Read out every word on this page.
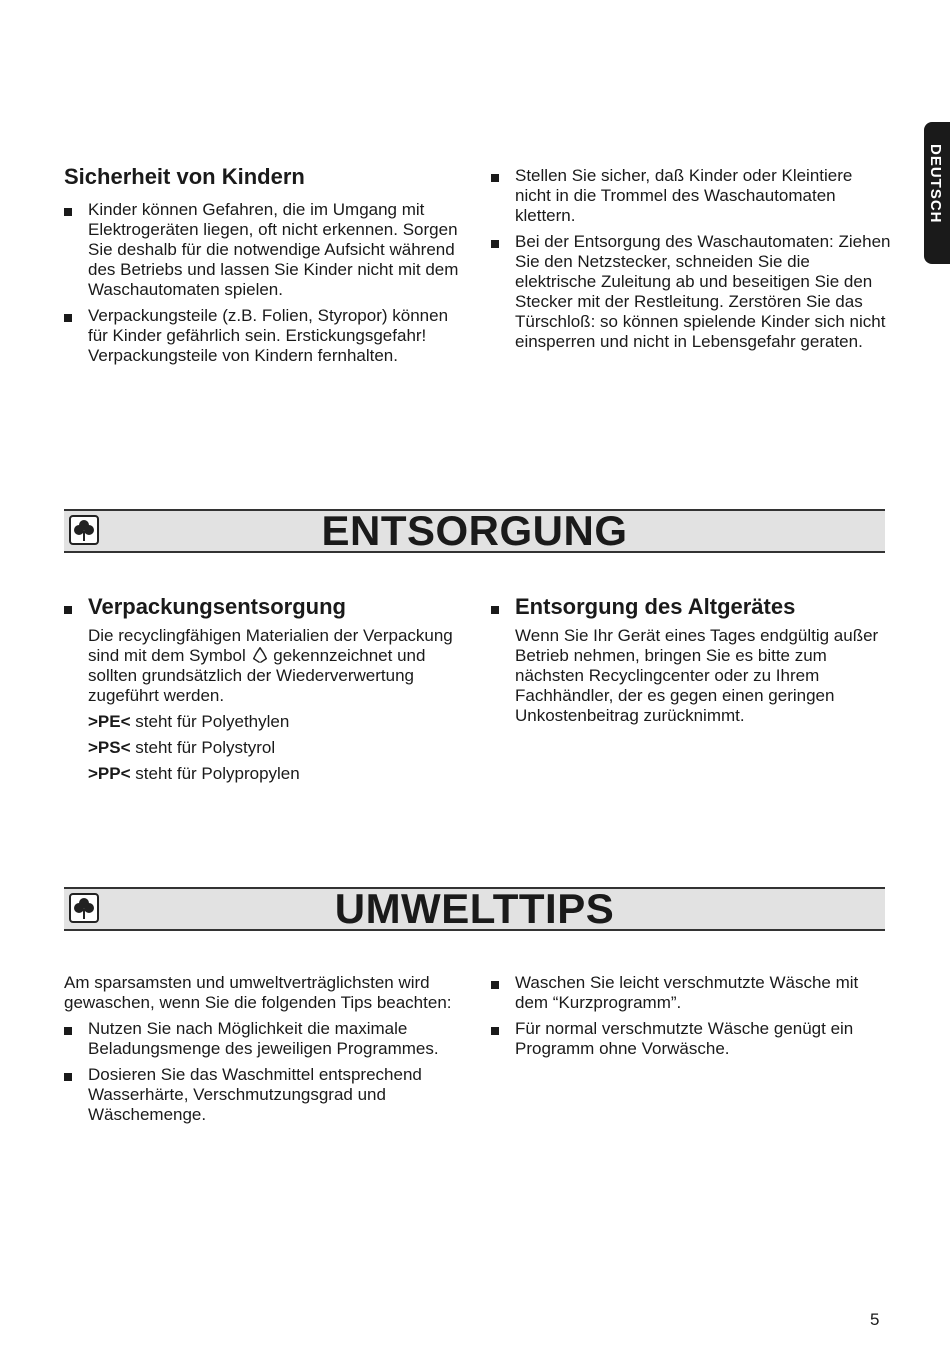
DEUTSCH
Sicherheit von Kindern

Kinder können Gefahren, die im Umgang mit Elektrogeräten liegen, oft nicht erkennen. Sorgen Sie deshalb für die notwendige Aufsicht während des Betriebs und lassen Sie Kinder nicht mit dem Waschautomaten spielen.

Verpackungsteile (z.B. Folien, Styropor) können für Kinder gefährlich sein. Erstickungsgefahr! Verpackungsteile von Kindern fernhalten.

Stellen Sie sicher, daß Kinder oder Kleintiere nicht in die Trommel des Waschautomaten klettern.

Bei der Entsorgung des Waschautomaten: Ziehen Sie den Netzstecker, schneiden Sie die elektrische Zuleitung ab und beseitigen Sie den Stecker mit der Restleitung. Zerstören Sie das Türschloß: so können spielende Kinder sich nicht einsperren und nicht in Lebensgefahr geraten.

ENTSORGUNG
Verpackungsentsorgung

Die recyclingfähigen Materialien der Verpackung sind mit dem Symbol gekennzeichnet und sollten grundsätzlich der Wiederverwertung zugeführt werden.

>PE< steht für Polyethylen

>PS< steht für Polystyrol

>PP< steht für Polypropylen

Entsorgung des Altgerätes

Wenn Sie Ihr Gerät eines Tages endgültig außer Betrieb nehmen, bringen Sie es bitte zum nächsten Recyclingcenter oder zu Ihrem Fachhändler, der es gegen einen geringen Unkostenbeitrag zurücknimmt.

UMWELTTIPS

Am sparsamsten und umweltverträglichsten wird gewaschen, wenn Sie die folgenden Tips beachten:

Nutzen Sie nach Möglichkeit die maximale Beladungsmenge des jeweiligen Programmes.

Dosieren Sie das Waschmittel entsprechend Wasserhärte, Verschmutzungsgrad und Wäschemenge.

Waschen Sie leicht verschmutzte Wäsche mit dem “Kurzprogramm”.

Für normal verschmutzte Wäsche genügt ein Programm ohne Vorwäsche.

5
